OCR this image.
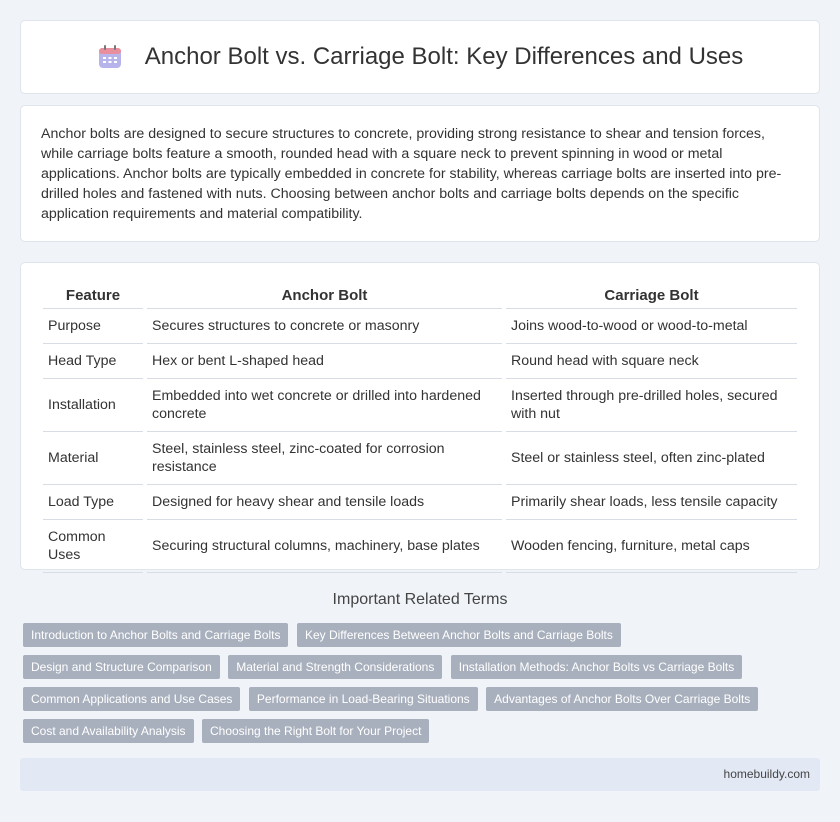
Anchor Bolt vs. Carriage Bolt: Key Differences and Uses

Anchor bolts are designed to secure structures to concrete, providing strong resistance to shear and tension forces, while carriage bolts feature a smooth, rounded head with a square neck to prevent spinning in wood or metal applications. Anchor bolts are typically embedded in concrete for stability, whereas carriage bolts are inserted into pre-drilled holes and fastened with nuts. Choosing between anchor bolts and carriage bolts depends on the specific application requirements and material compatibility.

Feature	Anchor Bolt	Carriage Bolt
Purpose	Secures structures to concrete or masonry	Joins wood-to-wood or wood-to-metal
Head Type	Hex or bent L-shaped head	Round head with square neck
Installation	Embedded into wet concrete or drilled into hardened concrete	Inserted through pre-drilled holes, secured with nut
Material	Steel, stainless steel, zinc-coated for corrosion resistance	Steel or stainless steel, often zinc-plated
Load Type	Designed for heavy shear and tensile loads	Primarily shear loads, less tensile capacity
Common Uses	Securing structural columns, machinery, base plates	Wooden fencing, furniture, metal caps
Important Related Terms
Introduction to Anchor Bolts and Carriage Bolts Key Differences Between Anchor Bolts and Carriage Bolts
Design and Structure Comparison Material and Strength Considerations Installation Methods: Anchor Bolts vs Carriage Bolts
Common Applications and Use Cases Performance in Load-Bearing Situations Advantages of Anchor Bolts Over Carriage Bolts
Cost and Availability Analysis Choosing the Right Bolt for Your Project
homebuildy.com
